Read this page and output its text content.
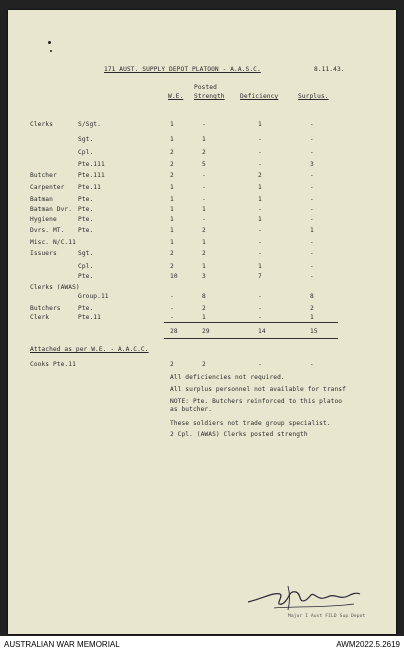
171 AUST. SUPPLY DEPOT PLATOON - A.A.S.C.	8.11.43.
Posted
W.E. Strength Deficiency	Surplus.
Clerks	S/Sgt.	1	-	1	-
Sgt.	1	1	-	-
Cpl.	2	2	-	-
Pte.111	2	5	-	3
Butcher	Pte.111	2	-	2	-
Carpenter Pte.11	1	-	1	-
Batman	Pte.	1	-	1	-
Batman Dvr. Pte.	1	1	-	-
Hygiene	Pte.	1	-	1	-
Dvrs. MT. Pte.	1	2	-	1
Misc. N/C.11	1	1	-	-
Issuers	Sgt.	2	2	-	-
Cpl.	2	1	1	-
Pte.	10	3	7	-
Clerks (AWAS)
Group.11	-	8	-	8
Butchers	Pte.	-	2	-	2
Clerk	Pte.11	-	1	-	1
28	29	14	15
Attached as per W.E. - A.A.C.C.
Cooks Pte.11	2	2	-	-
All deficiencies not required.
All surplus personnel not available for transf
NOTE: Pte. Butchers reinforced to this platoo
as butcher.
These soldiers not trade group specialist.
2 Cpl. (AWAS) Clerks posted strength
Major I Aust FILD Sup Depot
AUSTRALIAN WAR MEMORIAL	AWM2022.5.2619
